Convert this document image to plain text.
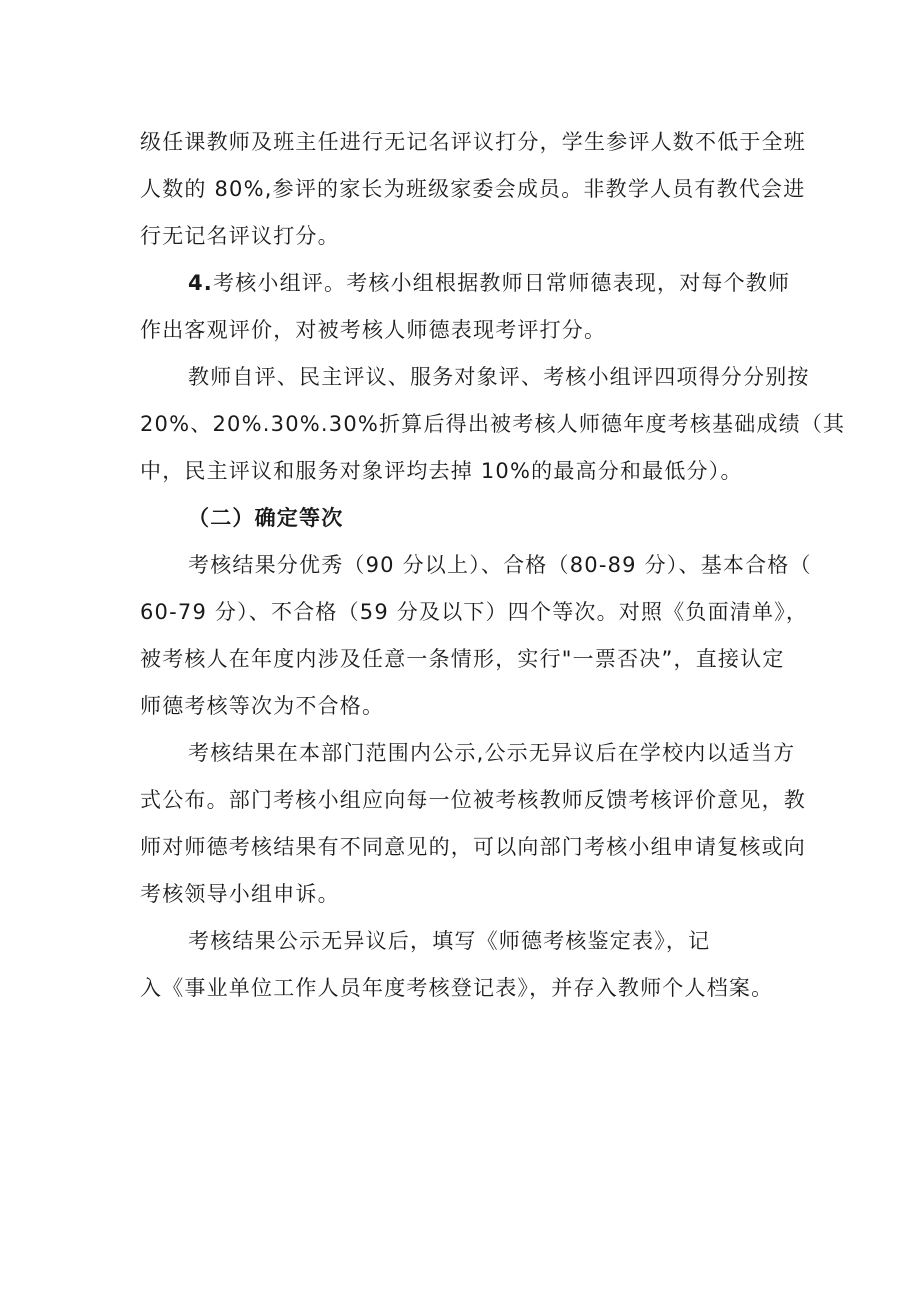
级任课教师及班主任进行无记名评议打分，学生参评人数不低于全班
人数的 80%,参评的家长为班级家委会成员。非教学人员有教代会进
行无记名评议打分。

4.考核小组评。考核小组根据教师日常师德表现，对每个教师
作出客观评价，对被考核人师德表现考评打分。

教师自评、民主评议、服务对象评、考核小组评四项得分分别按
20%、20%.30%.30%折算后得出被考核人师德年度考核基础成绩（其
中，民主评议和服务对象评均去掉 10%的最高分和最低分）。

（二）确定等次

考核结果分优秀（90 分以上）、合格（80-89 分）、基本合格（
60-79 分）、不合格（59 分及以下）四个等次。对照《负面清单》，
被考核人在年度内涉及任意一条情形，实行"一票否决”，直接认定
师德考核等次为不合格。

考核结果在本部门范围内公示,公示无异议后在学校内以适当方
式公布。部门考核小组应向每一位被考核教师反馈考核评价意见，教
师对师德考核结果有不同意见的，可以向部门考核小组申请复核或向
考核领导小组申诉。

考核结果公示无异议后，填写《师德考核鉴定表》，记
入《事业单位工作人员年度考核登记表》，并存入教师个人档案。
